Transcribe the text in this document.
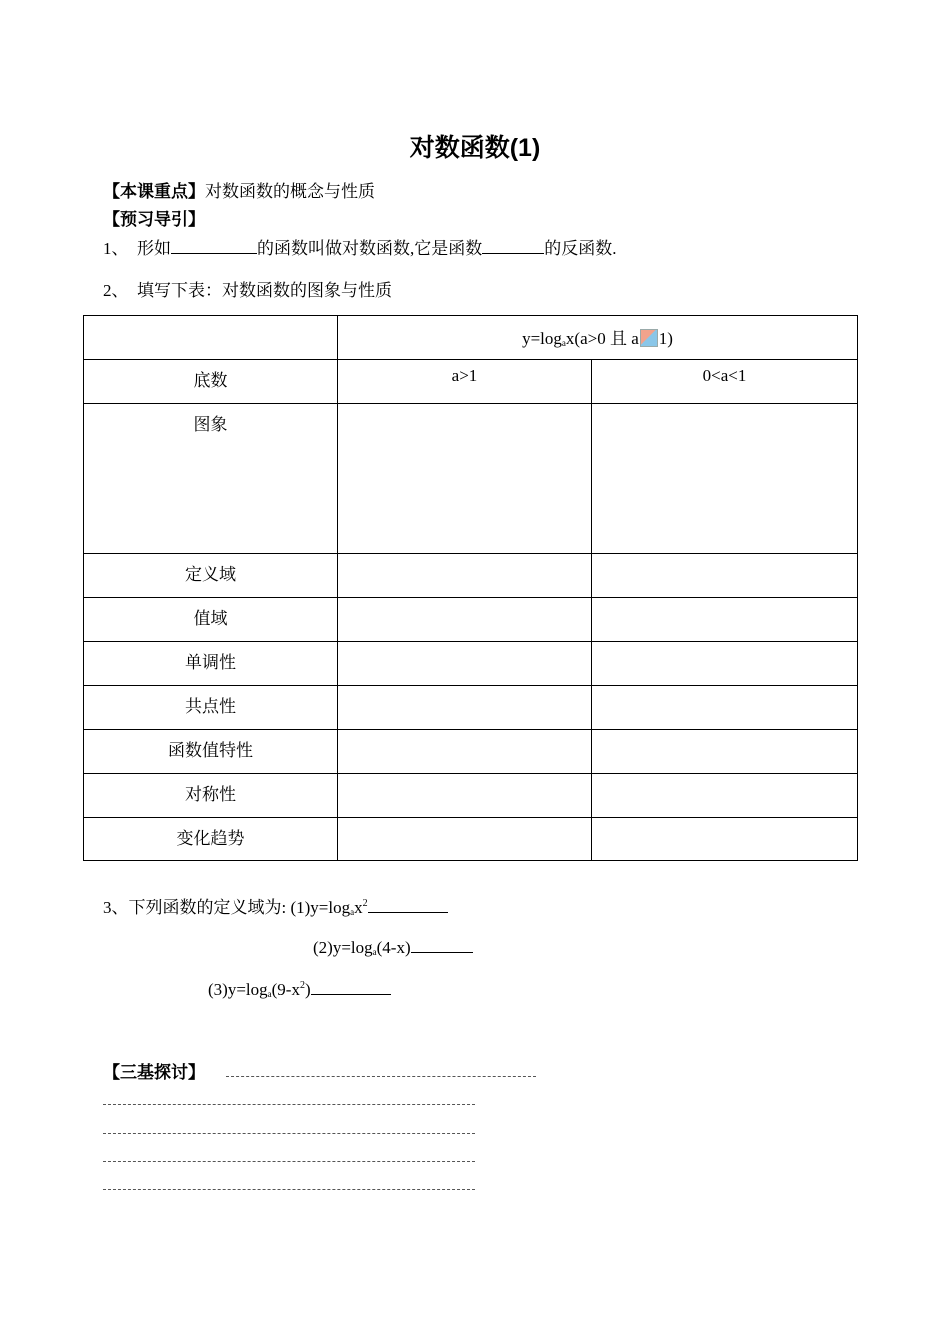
对数函数(1)
【本课重点】对数函数的概念与性质
【预习导引】
1、 形如	的函数叫做对数函数,它是函数	的反函数.
2、 填写下表：对数函数的图象与性质
	$y=\log_ax(a>0$ 且 a 1)	
底数	a>1	0<a<1
图象		
定义域		
值域		
单调性		
共点性		
函数值特性		
对称性		
变化趋势		
3、下列函数的定义域为: $(1)y=\log_ax^2$
$(2)y=\log_a(4-x)$
$(3)y=\log_a(9-x^2)$
【三基探讨】
